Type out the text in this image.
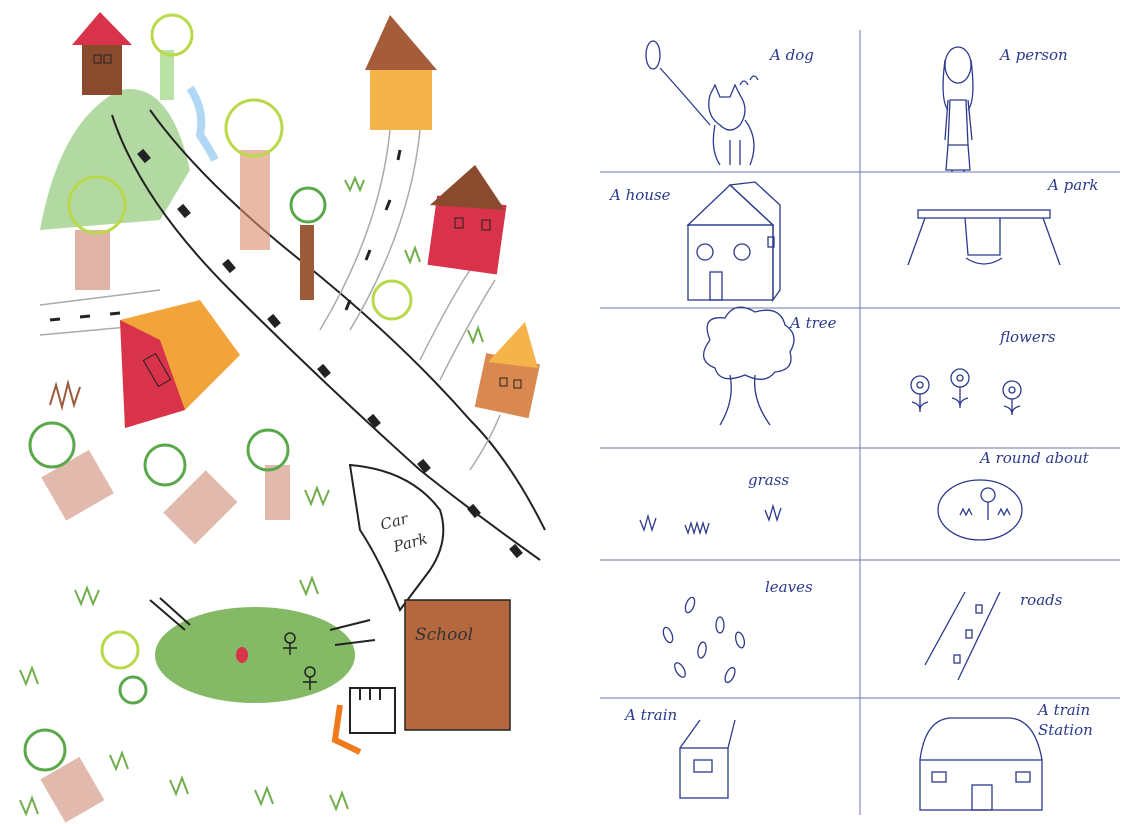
Car
Park
School
A dog	A person
A house
A park
A tree
flowers
grass
A round about
leaves
roads
A train	A train
Station
